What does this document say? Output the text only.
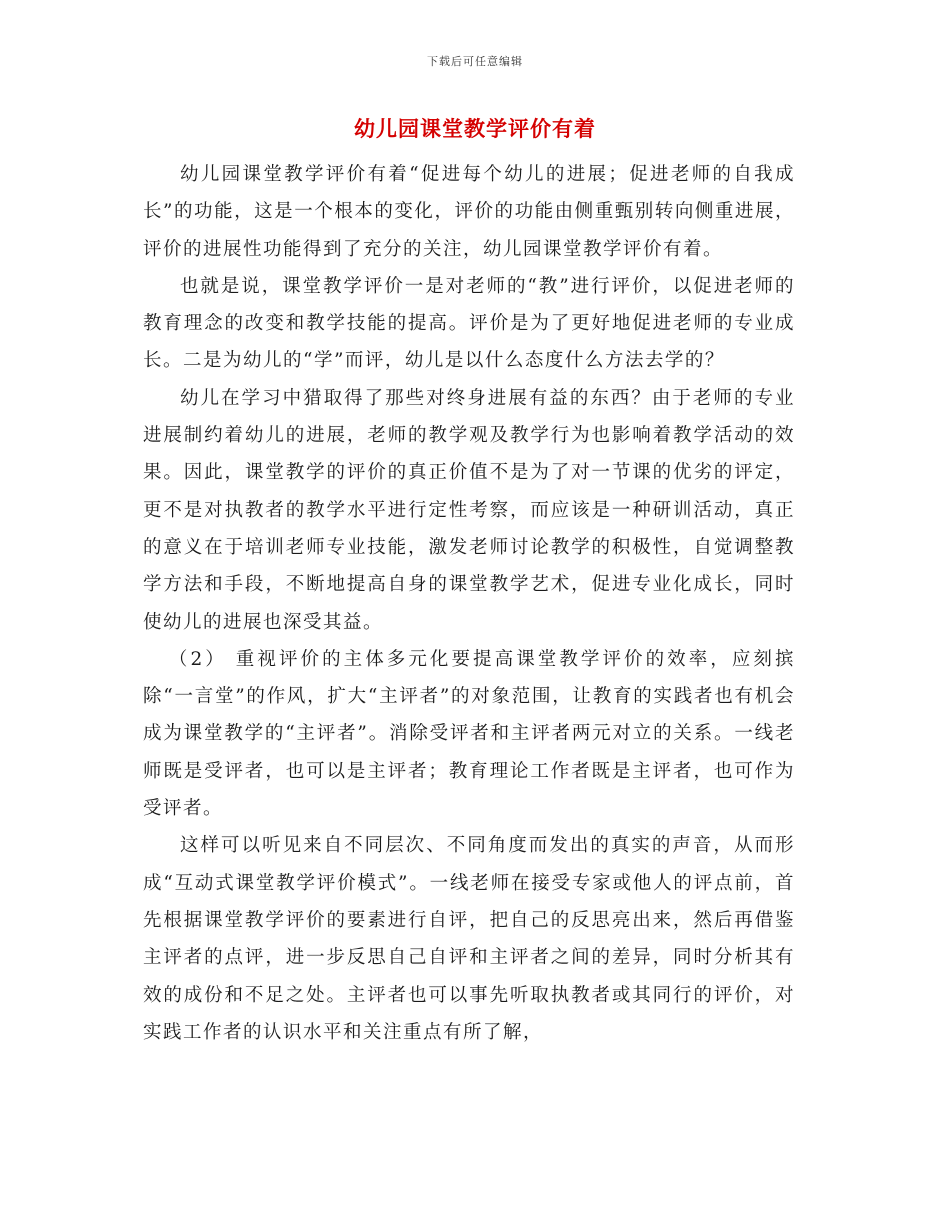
下载后可任意编辑
幼儿园课堂教学评价有着

幼儿园课堂教学评价有着“促进每个幼儿的进展；促进老师的自我成长”的功能，这是一个根本的变化，评价的功能由侧重甄别转向侧重进展，评价的进展性功能得到了充分的关注，幼儿园课堂教学评价有着。

也就是说，课堂教学评价一是对老师的“教”进行评价，以促进老师的教育理念的改变和教学技能的提高。评价是为了更好地促进老师的专业成长。二是为幼儿的“学”而评，幼儿是以什么态度什么方法去学的？

幼儿在学习中猎取得了那些对终身进展有益的东西？由于老师的专业进展制约着幼儿的进展，老师的教学观及教学行为也影响着教学活动的效果。因此，课堂教学的评价的真正价值不是为了对一节课的优劣的评定，更不是对执教者的教学水平进行定性考察，而应该是一种研训活动，真正的意义在于培训老师专业技能，激发老师讨论教学的积极性，自觉调整教学方法和手段，不断地提高自身的课堂教学艺术，促进专业化成长，同时使幼儿的进展也深受其益。

（2） 重视评价的主体多元化要提高课堂教学评价的效率，应刻摈除“一言堂”的作风，扩大“主评者”的对象范围，让教育的实践者也有机会成为课堂教学的“主评者”。消除受评者和主评者两元对立的关系。一线老师既是受评者，也可以是主评者；教育理论工作者既是主评者，也可作为受评者。

这样可以听见来自不同层次、不同角度而发出的真实的声音，从而形成“互动式课堂教学评价模式”。一线老师在接受专家或他人的评点前，首先根据课堂教学评价的要素进行自评，把自己的反思亮出来，然后再借鉴主评者的点评，进一步反思自己自评和主评者之间的差异，同时分析其有效的成份和不足之处。主评者也可以事先听取执教者或其同行的评价，对实践工作者的认识水平和关注重点有所了解，
